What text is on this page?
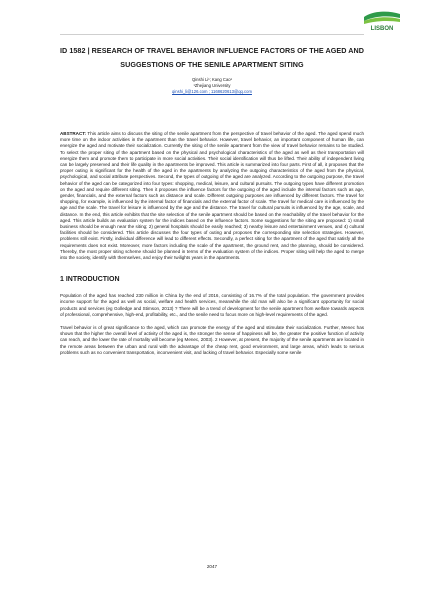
LISBON
ID 1582 | RESEARCH OF TRAVEL BEHAVIOR INFLUENCE FACTORS OF THE AGED AND SUGGESTIONS OF THE SENILE APARTMENT SITING

Qinshi Li¹; Kang Cao¹

¹Zhejiang University

qinshi_li@126.com ; 1168620613@qq.com

ABSTRACT: This article aims to discuss the siting of the senile apartment from the perspective of travel behavior of the aged. The aged spend much more time on the indoor activities in the apartment than the travel behavior. However, travel behavior, an important component of human life, can energize the aged and motivate their socialization. Currently the siting of the senile apartment from the view of travel behavior remains to be studied. To select the proper siting of the apartment based on the physical and psychological characteristics of the aged as well as their transportation will energize them and promote them to participate in more social activities. Their social identification will thus be lifted. Their ability of independent living can be largely preserved and their life quality in the apartments be improved. This article is summarized into four parts. First of all, it proposes that the proper outing is significant for the health of the aged in the apartments by analyzing the outgoing characteristics of the aged from the physical, psychological, and social attribute perspectives. Second, the types of outgoing of the aged are analyzed. According to the outgoing purpose, the travel behavior of the aged can be categorized into four types: shopping, medical, leisure, and cultural pursuits. The outgoing types have different promotion on the aged and require different siting. Then it proposes the influence factors for the outgoing of the aged include the internal factors such as age, gender, financials, and the external factors such as distance and scale. Different outgoing purposes are influenced by different factors. The travel for shopping, for example, is influenced by the internal factor of financials and the external factor of scale. The travel for medical care is influenced by the age and the scale. The travel for leisure is influenced by the age and the distance. The travel for cultural pursuits is influenced by the age, scale, and distance. In the end, this article exhibits that the site selection of the senile apartment should be based on the reachability of the travel behavior for the aged. This article builds an evaluation system for the indices based on the influence factors. Some suggestions for the siting are proposed: 1) small business should be enough near the siting; 2) general hospitals should be easily reached; 3) nearby leisure and entertainment venues, and 4) cultural facilities should be considered. This article discusses the four types of outing and proposes the corresponding site selection strategies. However, problems still exist. Firstly, individual difference will lead to different effects. Secondly, a perfect siting for the apartment of the aged that satisfy all the requirements does not exist. Moreover, more factors including the scale of the apartment, the ground rent, and the planning, should be considered. Thereby, the most proper siting scheme should be planned in terms of the evaluation system of the indices. Proper siting will help the aged to merge into the society, identify with themselves, and enjoy their twilights years in the apartments.
1 INTRODUCTION

Population of the aged has reached 230 million in China by the end of 2016, consisting of 16.7% of the total population. The government provides income support for the aged as well as social, welfare and health services, meanwhile the old man will also be a significant opportunity for social products and services (eg Golledge and Stimson, 2013) ? There will be a trend of development for the senile apartment from welfare towards aspects of professional, comprehensive, high-end, profitability, etc., and the senile need to focus more on high-level requirements of the aged.

Travel behavior is of great significance to the aged, which can promote the energy of the aged and stimulate their socialization. Further, Menec has shown that the higher the overall level of activity of the aged is, the stronger the sense of happiness will be, the greater the positive function of activity can reach, and the lower the rate of mortality will become (eg Menec, 2003). 2 However, at present, the majority of the senile apartments are located in the remote areas between the urban and rural with the advantage of the cheap rent, good environment, and large areas, which leads to serious problems such as no convenient transportation, inconvenient visit, and lacking of travel behavior. Especially some senile

2047
